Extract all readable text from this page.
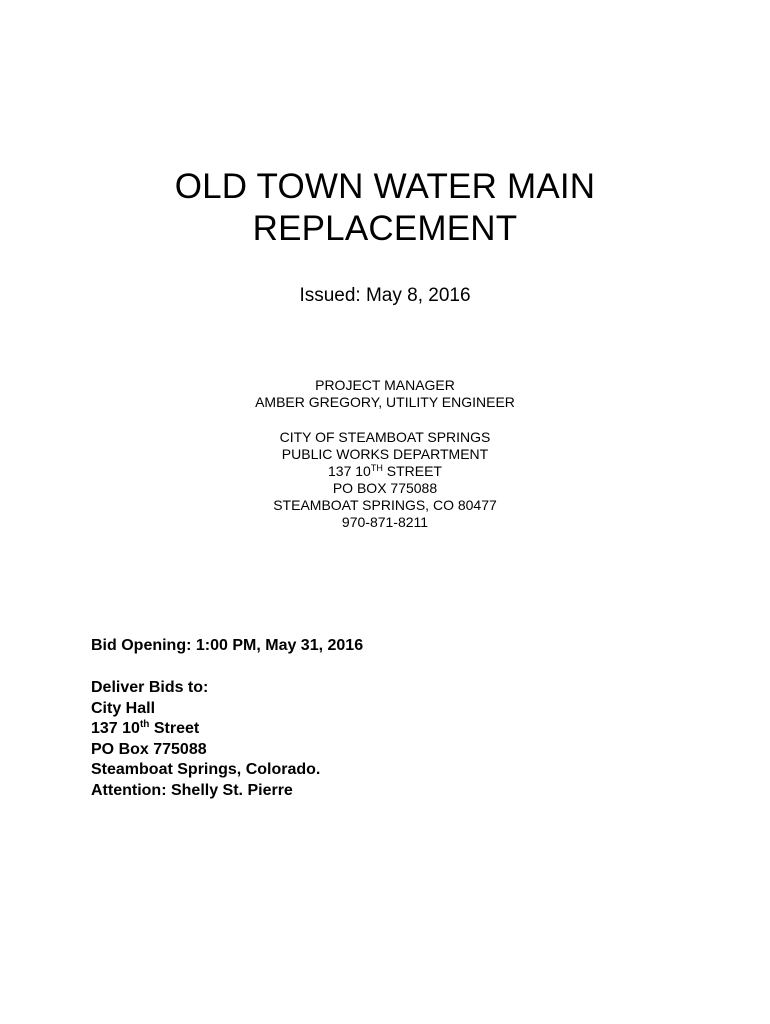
OLD TOWN WATER MAIN
REPLACEMENT
Issued: May 8, 2016
PROJECT MANAGER
AMBER GREGORY, UTILITY ENGINEER
CITY OF STEAMBOAT SPRINGS
PUBLIC WORKS DEPARTMENT
137 10TH STREET
PO BOX 775088
STEAMBOAT SPRINGS, CO 80477
970-871-8211
Bid Opening: 1:00 PM, May 31, 2016
Deliver Bids to:
City Hall
137 10th Street
PO Box 775088
Steamboat Springs, Colorado.
Attention: Shelly St. Pierre
